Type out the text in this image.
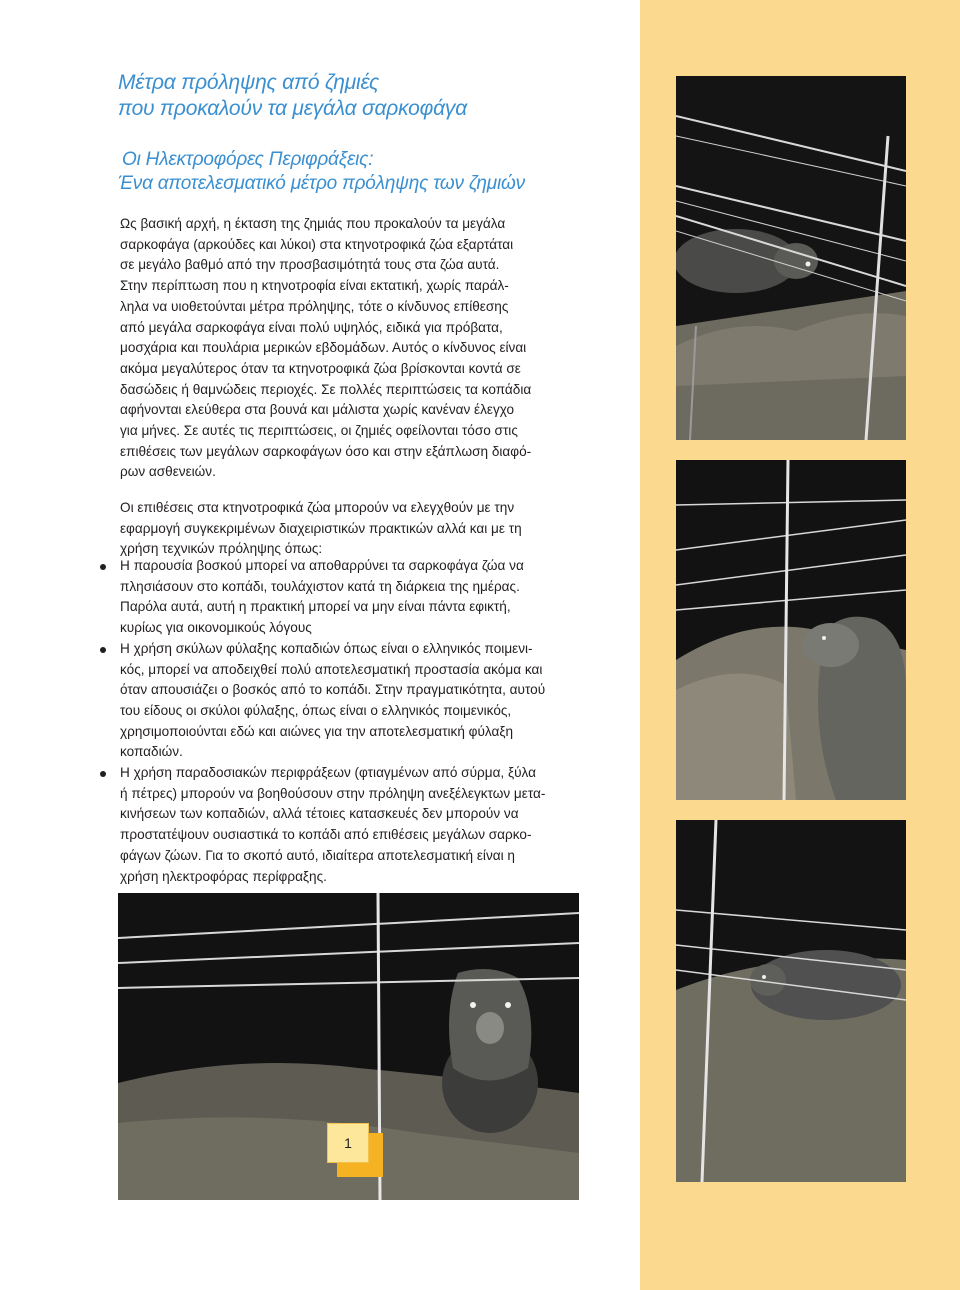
Μέτρα πρόληψης από ζημιές
που προκαλούν τα μεγάλα σαρκοφάγα
Οι Ηλεκτροφόρες Περιφράξεις:
Ένα αποτελεσματικό μέτρο πρόληψης των ζημιών
Ως βασική αρχή, η έκταση της ζημιάς που προκαλούν τα μεγάλα
σαρκοφάγα (αρκούδες και λύκοι) στα κτηνοτροφικά ζώα εξαρτάται
σε μεγάλο βαθμό από την προσβασιμότητά τους στα ζώα αυτά.
Στην περίπτωση που η κτηνοτροφία είναι εκτατική, χωρίς παράλ-
ληλα να υιοθετούνται μέτρα πρόληψης, τότε ο κίνδυνος επίθεσης
από μεγάλα σαρκοφάγα είναι πολύ υψηλός, ειδικά για πρόβατα,
μοσχάρια και πουλάρια μερικών εβδομάδων. Αυτός ο κίνδυνος είναι
ακόμα μεγαλύτερος όταν τα κτηνοτροφικά ζώα βρίσκονται κοντά σε
δασώδεις ή θαμνώδεις περιοχές. Σε πολλές περιπτώσεις τα κοπάδια
αφήνονται ελεύθερα στα βουνά και μάλιστα χωρίς κανέναν έλεγχο
για μήνες. Σε αυτές τις περιπτώσεις, οι ζημιές οφείλονται τόσο στις
επιθέσεις των μεγάλων σαρκοφάγων όσο και στην εξάπλωση διαφό-
ρων ασθενειών.
Οι επιθέσεις στα κτηνοτροφικά ζώα μπορούν να ελεγχθούν με την
εφαρμογή συγκεκριμένων διαχειριστικών πρακτικών αλλά και με τη
χρήση τεχνικών πρόληψης όπως:
Η παρουσία βοσκού μπορεί να αποθαρρύνει τα σαρκοφάγα ζώα να
πλησιάσουν στο κοπάδι, τουλάχιστον κατά τη διάρκεια της ημέρας.
Παρόλα αυτά, αυτή η πρακτική μπορεί να μην είναι πάντα εφικτή,
κυρίως για οικονομικούς λόγους
Η χρήση σκύλων φύλαξης κοπαδιών όπως είναι ο ελληνικός ποιμενι-
κός, μπορεί να αποδειχθεί πολύ αποτελεσματική προστασία ακόμα και
όταν απουσιάζει ο βοσκός από το κοπάδι. Στην πραγματικότητα, αυτού
του είδους οι σκύλοι φύλαξης, όπως είναι ο ελληνικός ποιμενικός,
χρησιμοποιούνται εδώ και αιώνες για την αποτελεσματική φύλαξη
κοπαδιών.
Η χρήση παραδοσιακών περιφράξεων (φτιαγμένων από σύρμα, ξύλα
ή πέτρες) μπορούν να βοηθούσουν στην πρόληψη ανεξέλεγκτων μετα-
κινήσεων των κοπαδιών, αλλά τέτοιες κατασκευές δεν μπορούν να
προστατέψουν ουσιαστικά το κοπάδι από επιθέσεις μεγάλων σαρκο-
φάγων ζώων. Για το σκοπό αυτό, ιδιαίτερα αποτελεσματική είναι η
χρήση ηλεκτροφόρας περίφραξης.
1
